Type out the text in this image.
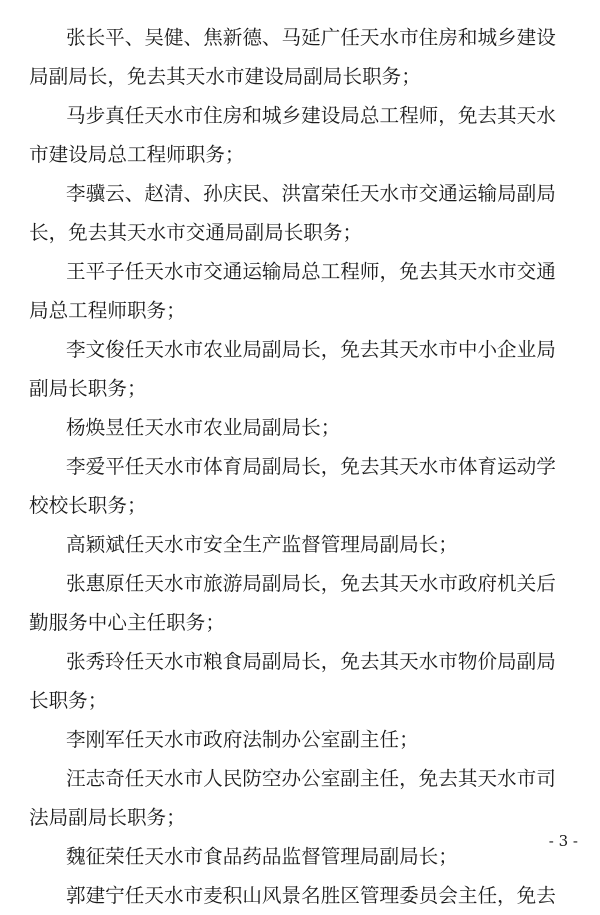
张长平、吴健、焦新德、马延广任天水市住房和城乡建设
局副局长，免去其天水市建设局副局长职务；
马步真任天水市住房和城乡建设局总工程师，免去其天水
市建设局总工程师职务；
李骥云、赵清、孙庆民、洪富荣任天水市交通运输局副局
长，免去其天水市交通局副局长职务；
王平子任天水市交通运输局总工程师，免去其天水市交通
局总工程师职务；
李文俊任天水市农业局副局长，免去其天水市中小企业局
副局长职务；
杨焕昱任天水市农业局副局长；
李爱平任天水市体育局副局长，免去其天水市体育运动学
校校长职务；
高颖斌任天水市安全生产监督管理局副局长；
张惠原任天水市旅游局副局长，免去其天水市政府机关后
勤服务中心主任职务；
张秀玲任天水市粮食局副局长，免去其天水市物价局副局
长职务；
李刚军任天水市政府法制办公室副主任；
汪志奇任天水市人民防空办公室副主任，免去其天水市司
法局副局长职务；
魏征荣任天水市食品药品监督管理局副局长；
郭建宁任天水市麦积山风景名胜区管理委员会主任，免去
- 3 -
